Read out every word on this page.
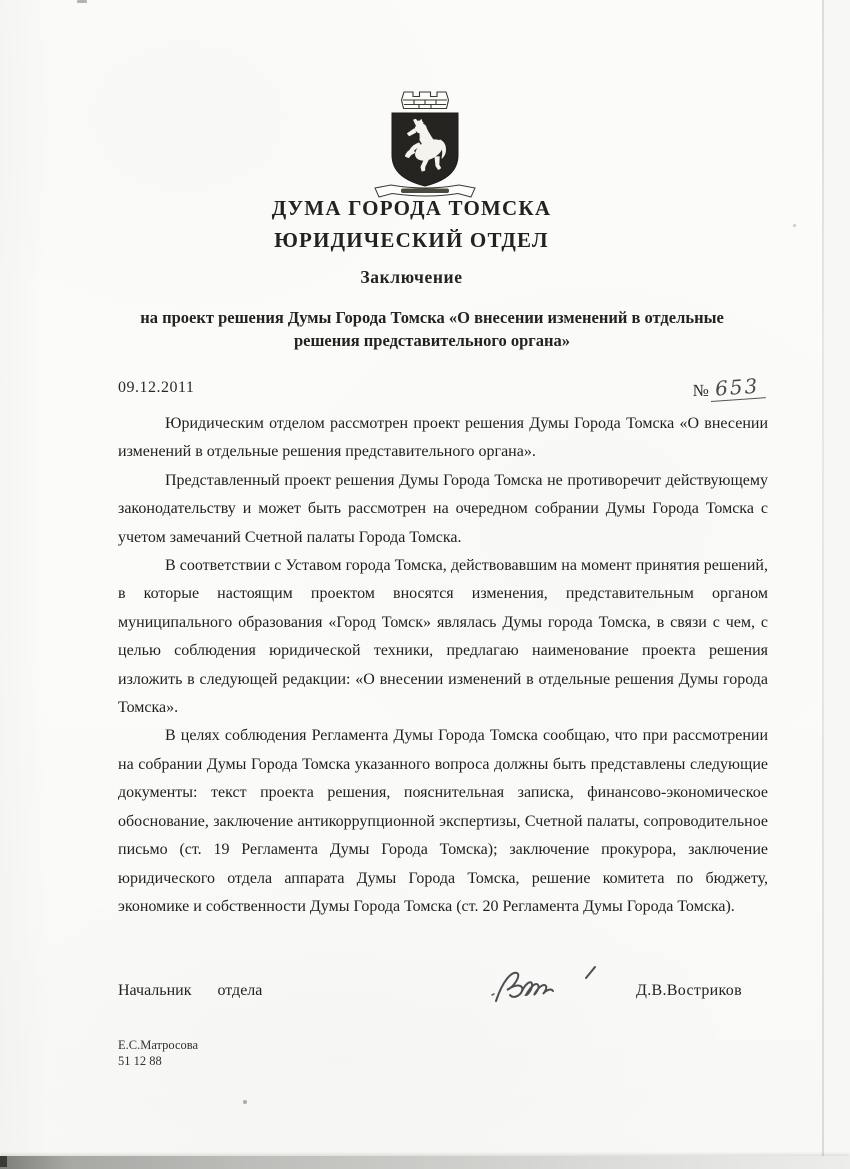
ДУМА ГОРОДА ТОМСКА
ЮРИДИЧЕСКИЙ ОТДЕЛ
Заключение
на проект решения Думы Города Томска «О внесении изменений в отдельные решения представительного органа»
09.12.2011	№ 653

Юридическим отделом рассмотрен проект решения Думы Города Томска «О внесении изменений в отдельные решения представительного органа».

Представленный проект решения Думы Города Томска не противоречит действующему законодательству и может быть рассмотрен на очередном собрании Думы Города Томска с учетом замечаний Счетной палаты Города Томска.

В соответствии с Уставом города Томска, действовавшим на момент принятия решений, в которые настоящим проектом вносятся изменения, представительным органом муниципального образования «Город Томск» являлась Думы города Томска, в связи с чем, с целью соблюдения юридической техники, предлагаю наименование проекта решения изложить в следующей редакции: «О внесении изменений в отдельные решения Думы города Томска».

В целях соблюдения Регламента Думы Города Томска сообщаю, что при рассмотрении на собрании Думы Города Томска указанного вопроса должны быть представлены следующие документы: текст проекта решения, пояснительная записка, финансово-экономическое обоснование, заключение антикоррупционной экспертизы, Счетной палаты, сопроводительное письмо (ст. 19 Регламента Думы Города Томска); заключение прокурора, заключение юридического отдела аппарата Думы Города Томска, решение комитета по бюджету, экономике и собственности Думы Города Томска (ст. 20 Регламента Думы Города Томска).

Начальник отдела	Д.В.Востриков
Е.С.Матросова
51 12 88
